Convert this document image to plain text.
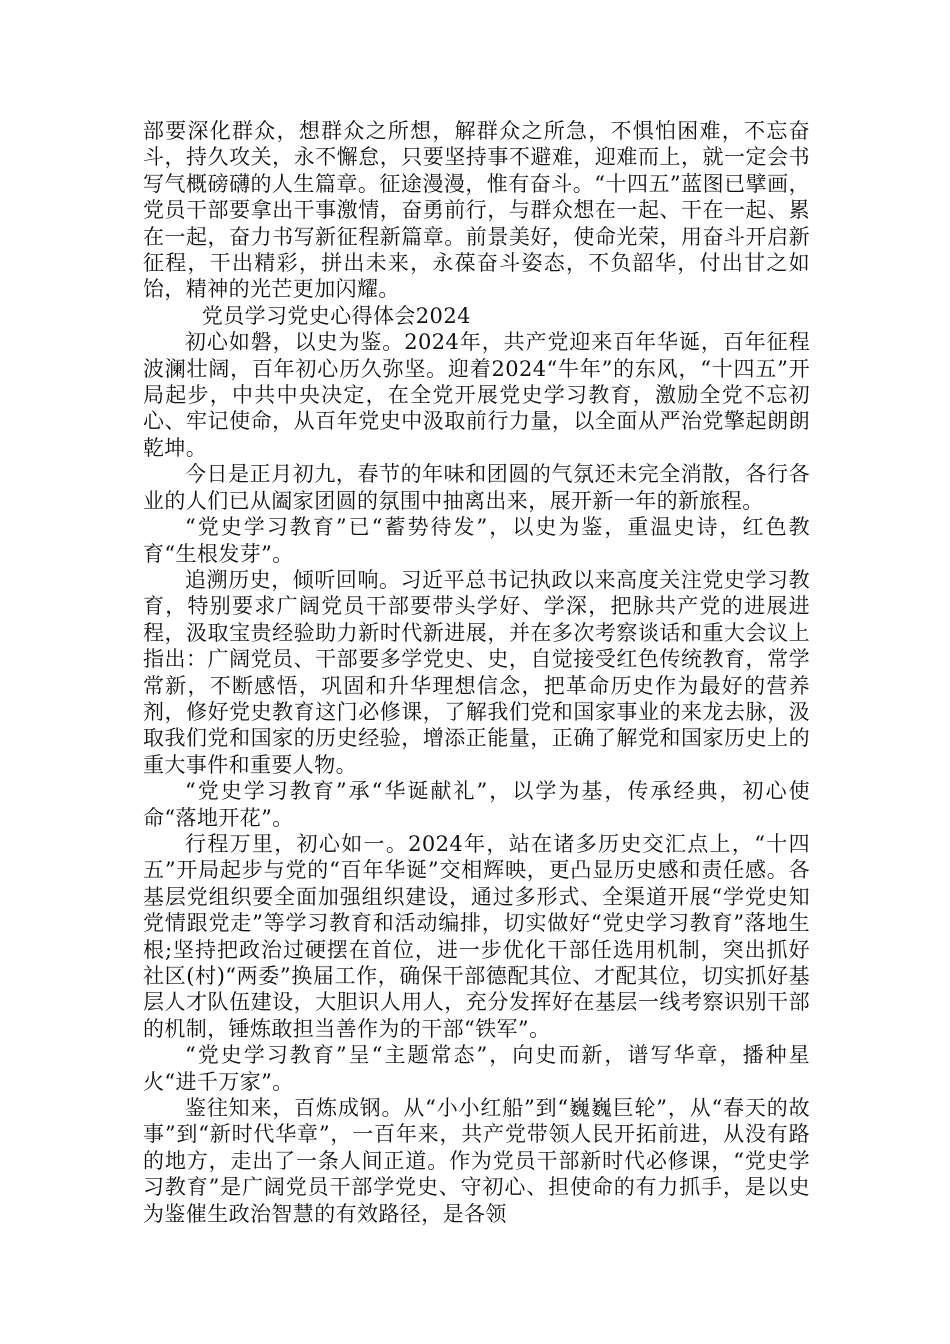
部要深化群众，想群众之所想，解群众之所急，不惧怕困难，不忘奋斗，持久攻关，永不懈怠，只要坚持事不避难，迎难而上，就一定会书写气概磅礴的人生篇章。征途漫漫，惟有奋斗。“十四五”蓝图已擘画，党员干部要拿出干事激情，奋勇前行，与群众想在一起、干在一起、累在一起，奋力书写新征程新篇章。前景美好，使命光荣，用奋斗开启新征程，干出精彩，拼出未来，永葆奋斗姿态，不负韶华，付出甘之如饴，精神的光芒更加闪耀。

党员学习党史心得体会2024

初心如磐，以史为鉴。2024年，共产党迎来百年华诞，百年征程波澜壮阔，百年初心历久弥坚。迎着2024“牛年”的东风，“十四五”开局起步，中共中央决定，在全党开展党史学习教育，激励全党不忘初心、牢记使命，从百年党史中汲取前行力量，以全面从严治党擎起朗朗乾坤。

今日是正月初九，春节的年味和团圆的气氛还未完全消散，各行各业的人们已从阖家团圆的氛围中抽离出来，展开新一年的新旅程。

“党史学习教育”已“蓄势待发”，以史为鉴，重温史诗，红色教育“生根发芽”。

追溯历史，倾听回响。习近平总书记执政以来高度关注党史学习教育，特别要求广阔党员干部要带头学好、学深，把脉共产党的进展进程，汲取宝贵经验助力新时代新进展，并在多次考察谈话和重大会议上指出：广阔党员、干部要多学党史、史，自觉接受红色传统教育，常学常新，不断感悟，巩固和升华理想信念，把革命历史作为最好的营养剂，修好党史教育这门必修课，了解我们党和国家事业的来龙去脉，汲取我们党和国家的历史经验，增添正能量，正确了解党和国家历史上的重大事件和重要人物。

“党史学习教育”承“华诞献礼”，以学为基，传承经典，初心使命“落地开花”。

行程万里，初心如一。2024年，站在诸多历史交汇点上，“十四五”开局起步与党的“百年华诞”交相辉映，更凸显历史感和责任感。各基层党组织要全面加强组织建设，通过多形式、全渠道开展“学党史知党情跟党走”等学习教育和活动编排，切实做好“党史学习教育”落地生根;坚持把政治过硬摆在首位，进一步优化干部任选用机制，突出抓好社区(村)“两委”换届工作，确保干部德配其位、才配其位，切实抓好基层人才队伍建设，大胆识人用人，充分发挥好在基层一线考察识别干部的机制，锤炼敢担当善作为的干部“铁军”。

“党史学习教育”呈“主题常态”，向史而新，谱写华章，播种星火“进千万家”。

鉴往知来，百炼成钢。从“小小红船”到“巍巍巨轮”，从“春天的故事”到“新时代华章”，一百年来，共产党带领人民开拓前进，从没有路的地方，走出了一条人间正道。作为党员干部新时代必修课，“党史学习教育”是广阔党员干部学党史、守初心、担使命的有力抓手，是以史为鉴催生政治智慧的有效路径，是各领
